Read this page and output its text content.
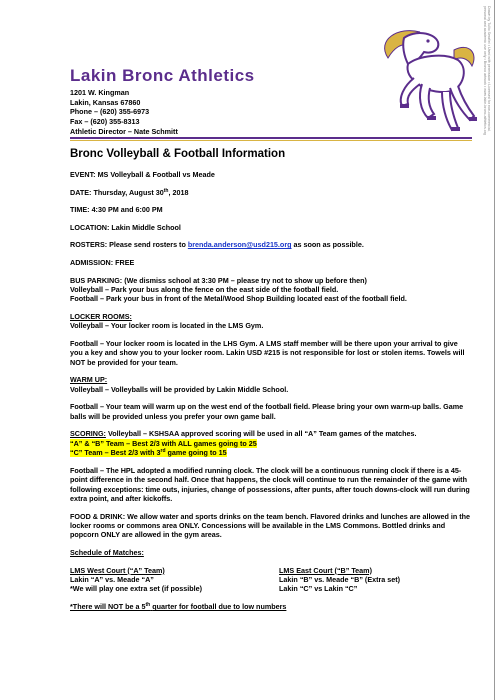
Drawn by Tullio Serafini • Used with permission • Licensed for non-commercial, personal and academic use only • Bronco artwork • www.lakin-bronc-athletics.org
Lakin Bronc Athletics
1201 W. Kingman
Lakin, Kansas 67860
Phone – (620) 355-6973
Fax – (620) 355-8313
Athletic Director – Nate Schmitt
Bronc Volleyball & Football Information

EVENT: MS Volleyball & Football vs Meade

DATE: Thursday, August 30th, 2018

TIME: 4:30 PM and 6:00 PM

LOCATION: Lakin Middle School

ROSTERS: Please send rosters to brenda.anderson@usd215.org as soon as possible.

ADMISSION: FREE

BUS PARKING: (We dismiss school at 3:30 PM – please try not to show up before then)
Volleyball – Park your bus along the fence on the east side of the football field.
Football – Park your bus in front of the Metal/Wood Shop Building located east of the football field.

LOCKER ROOMS:
Volleyball – Your locker room is located in the LMS Gym.

Football – Your locker room is located in the LHS Gym. A LMS staff member will be there upon your arrival to give you a key and show you to your locker room. Lakin USD #215 is not responsible for lost or stolen items. Towels will NOT be provided for your team.

WARM UP:
Volleyball – Volleyballs will be provided by Lakin Middle School.

Football – Your team will warm up on the west end of the football field. Please bring your own warm-up balls. Game balls will be provided unless you prefer your own game ball.

SCORING: Volleyball – KSHSAA approved scoring will be used in all “A” Team games of the matches.
“A” & “B” Team – Best 2/3 with ALL games going to 25
“C” Team – Best 2/3 with 3rd game going to 15

Football – The HPL adopted a modified running clock. The clock will be a continuous running clock if there is a 45-point difference in the second half. Once that happens, the clock will continue to run the remainder of the game with following exceptions: time outs, injuries, change of possessions, after punts, after touch downs-clock will run during extra point, and after kickoffs.

FOOD & DRINK: We allow water and sports drinks on the team bench. Flavored drinks and lunches are allowed in the locker rooms or commons area ONLY. Concessions will be available in the LMS Commons. Bottled drinks and popcorn ONLY are allowed in the gym areas.

Schedule of Matches:

LMS West Court (“A” Team)
Lakin “A” vs. Meade “A”
*We will play one extra set (if possible)
LMS East Court (“B” Team)
Lakin “B” vs. Meade “B” (Extra set)
Lakin “C” vs Lakin “C”

*There will NOT be a 5th quarter for football due to low numbers
